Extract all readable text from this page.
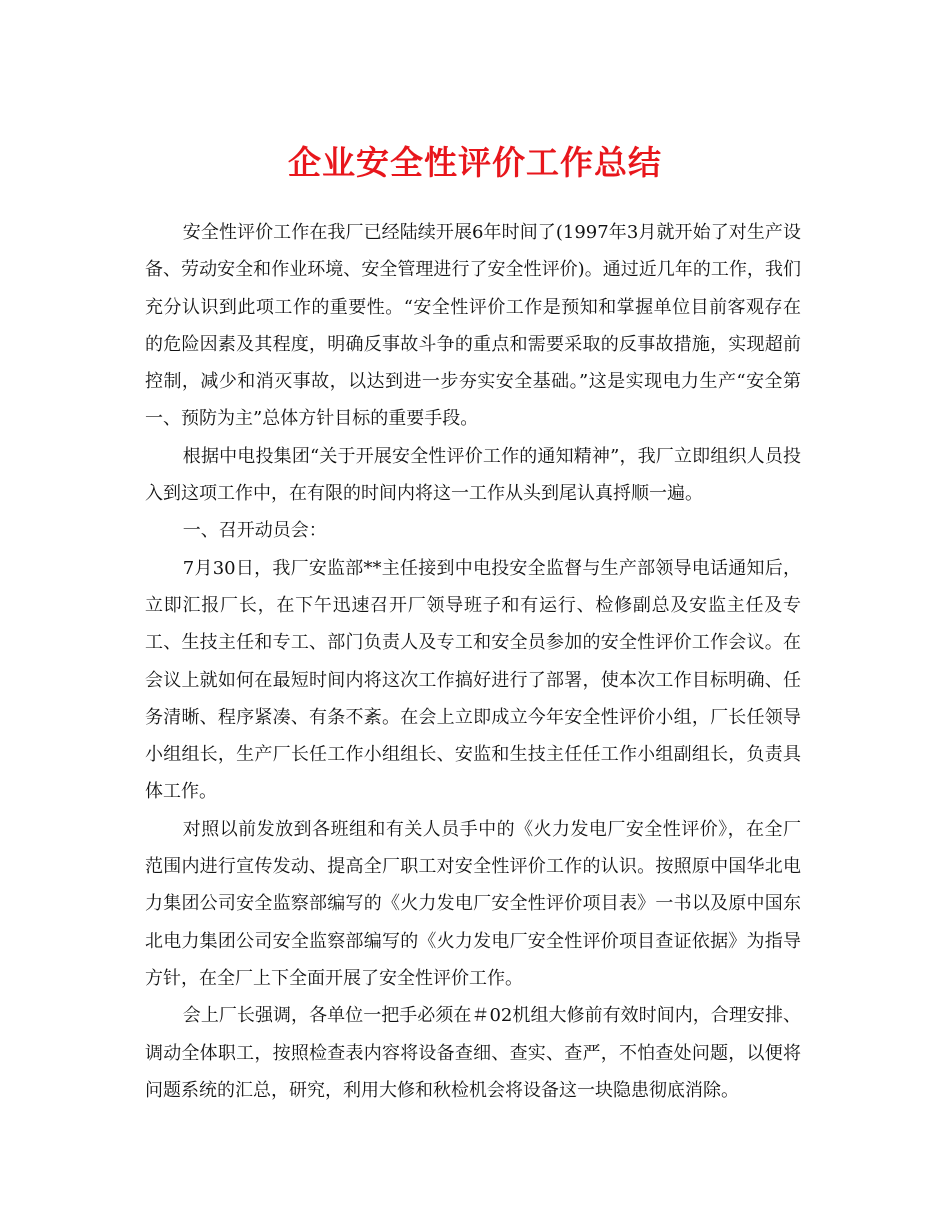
企业安全性评价工作总结

安全性评价工作在我厂已经陆续开展6年时间了(1997年3月就开始了对生产设备、劳动安全和作业环境、安全管理进行了安全性评价)。通过近几年的工作，我们充分认识到此项工作的重要性。“安全性评价工作是预知和掌握单位目前客观存在的危险因素及其程度，明确反事故斗争的重点和需要采取的反事故措施，实现超前控制，减少和消灭事故，以达到进一步夯实安全基础。”这是实现电力生产“安全第一、预防为主”总体方针目标的重要手段。

根据中电投集团“关于开展安全性评价工作的通知精神”，我厂立即组织人员投入到这项工作中，在有限的时间内将这一工作从头到尾认真捋顺一遍。

一、召开动员会：

7月30日，我厂安监部**主任接到中电投安全监督与生产部领导电话通知后，立即汇报厂长，在下午迅速召开厂领导班子和有运行、检修副总及安监主任及专工、生技主任和专工、部门负责人及专工和安全员参加的安全性评价工作会议。在会议上就如何在最短时间内将这次工作搞好进行了部署，使本次工作目标明确、任务清晰、程序紧凑、有条不紊。在会上立即成立今年安全性评价小组，厂长任领导小组组长，生产厂长任工作小组组长、安监和生技主任任工作小组副组长，负责具体工作。

对照以前发放到各班组和有关人员手中的《火力发电厂安全性评价》，在全厂范围内进行宣传发动、提高全厂职工对安全性评价工作的认识。按照原中国华北电力集团公司安全监察部编写的《火力发电厂安全性评价项目表》一书以及原中国东北电力集团公司安全监察部编写的《火力发电厂安全性评价项目查证依据》为指导方针，在全厂上下全面开展了安全性评价工作。

会上厂长强调，各单位一把手必须在＃02机组大修前有效时间内，合理安排、调动全体职工，按照检查表内容将设备查细、查实、查严，不怕查处问题，以便将问题系统的汇总，研究，利用大修和秋检机会将设备这一块隐患彻底消除。
